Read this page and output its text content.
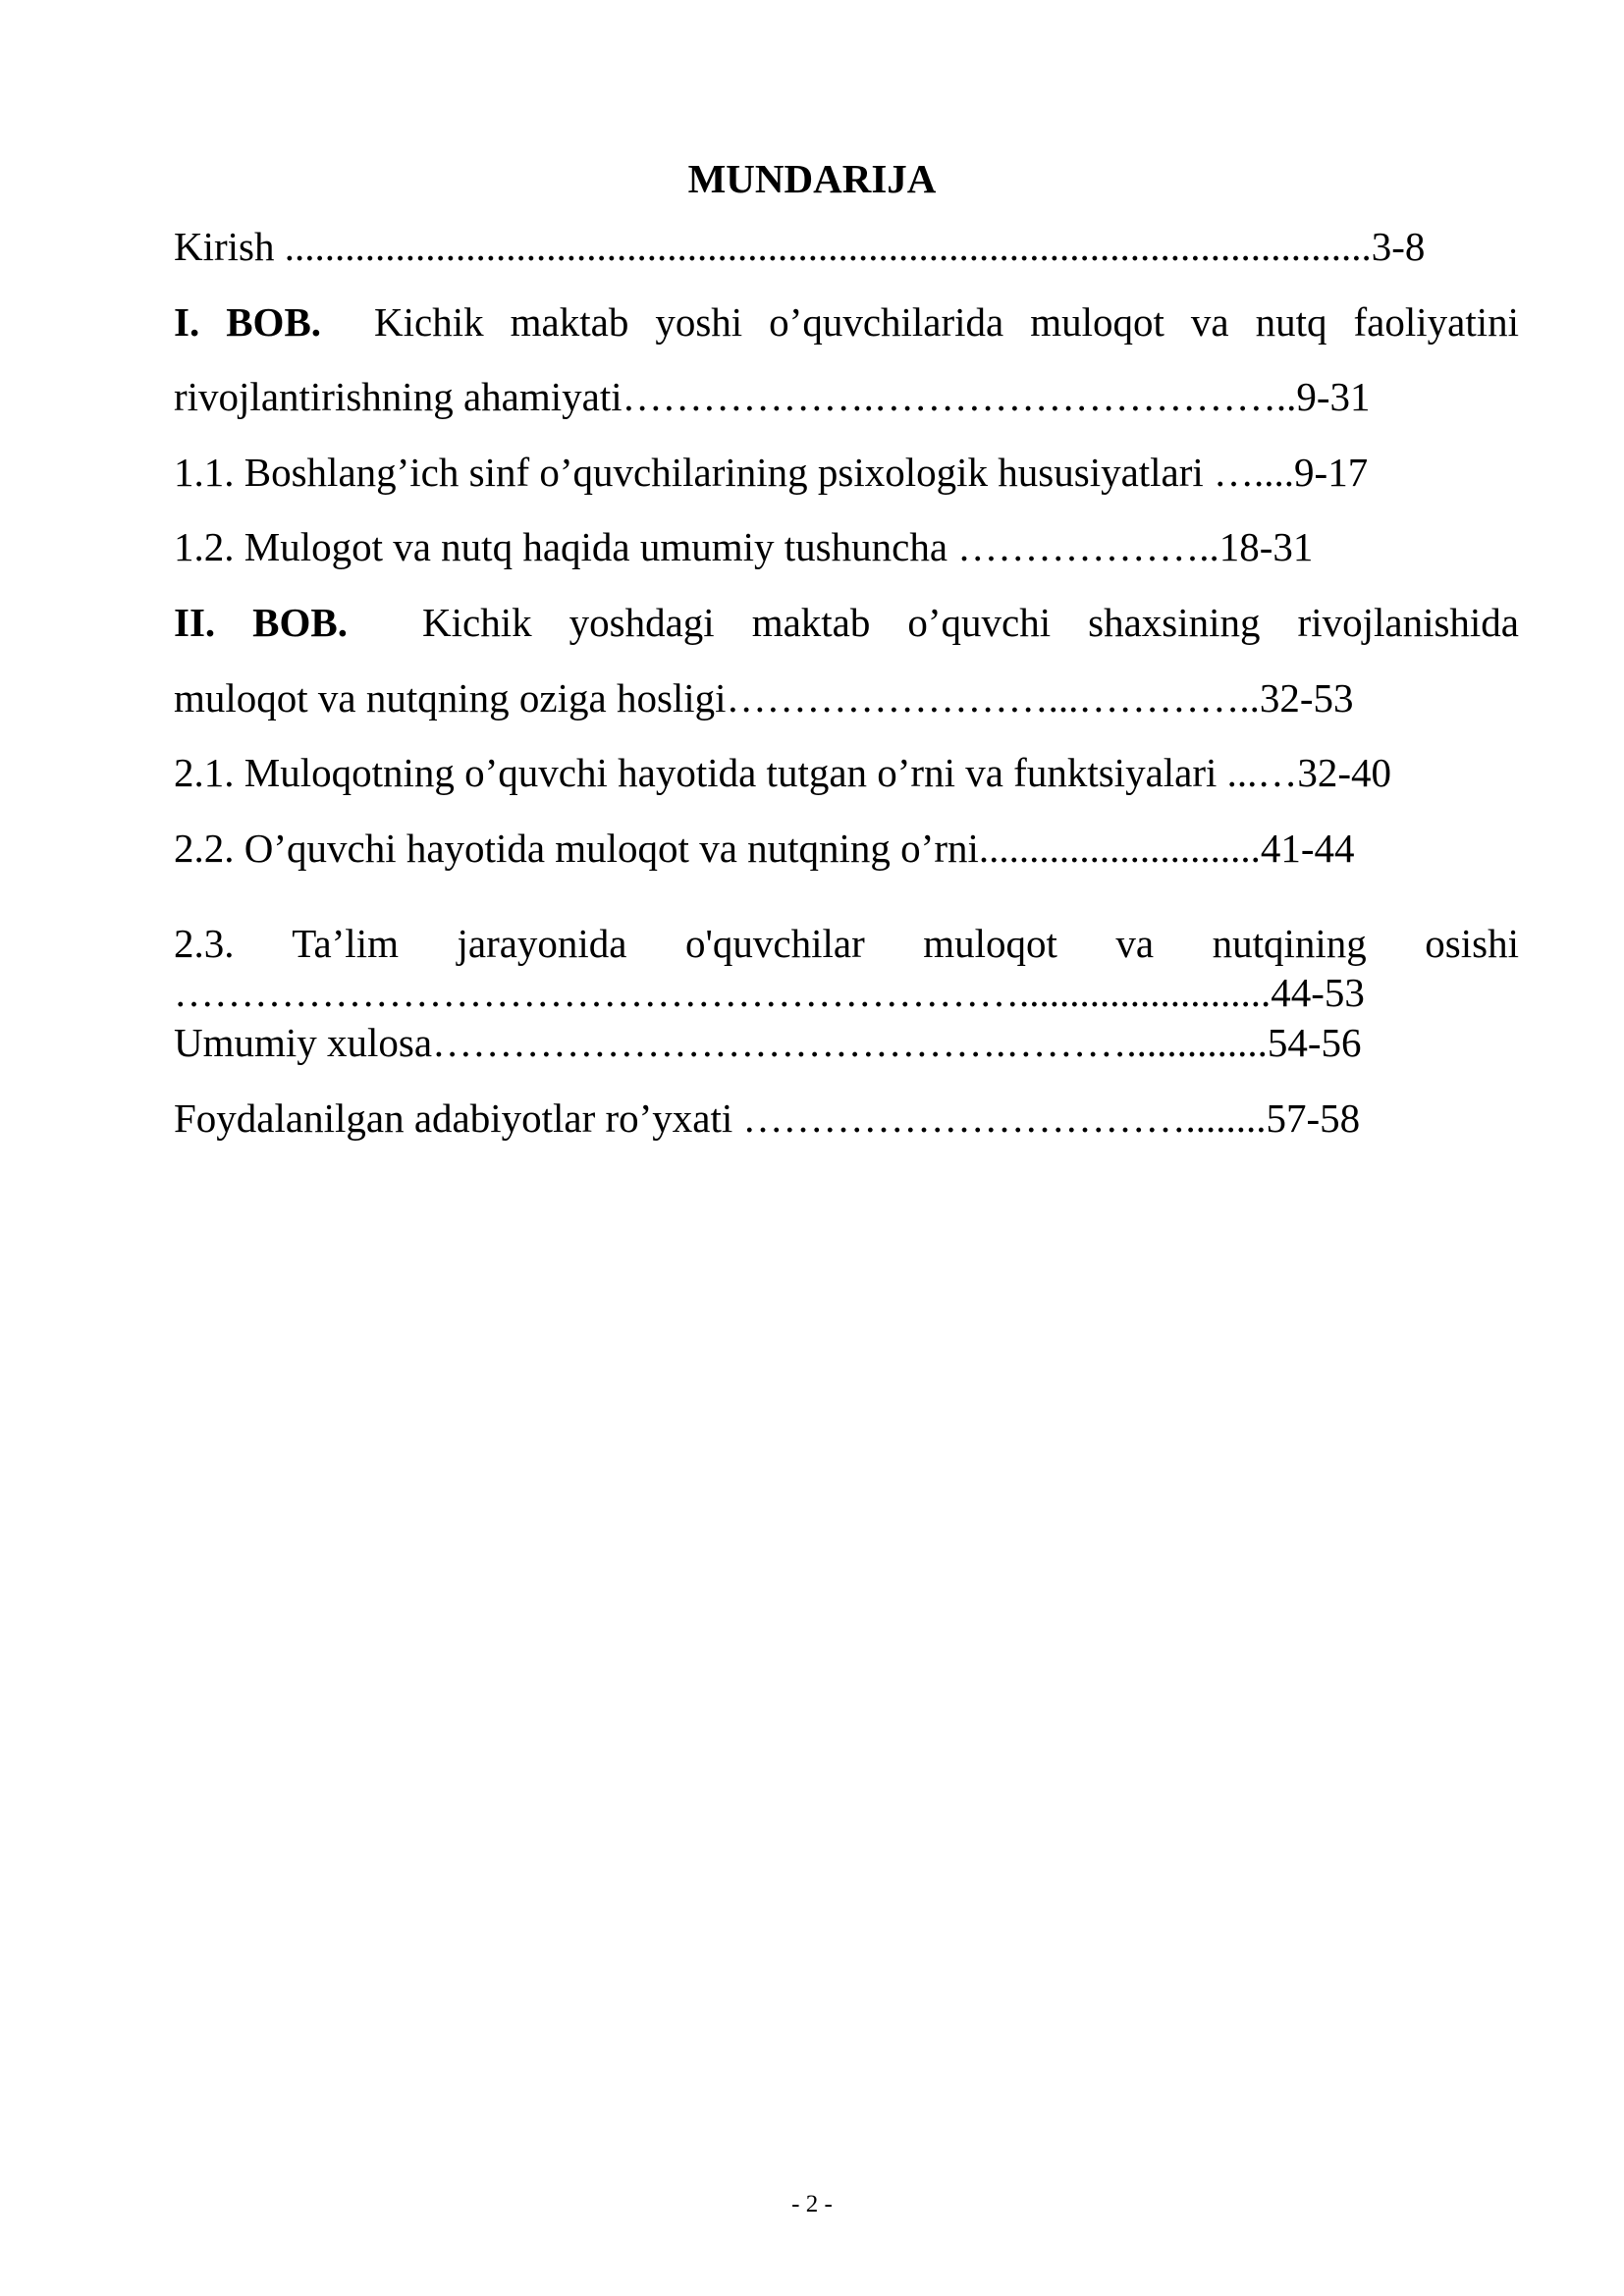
MUNDARIJA
Kirish ............................................................................................................3-8
I. BOB. Kichik maktab yoshi o’quvchilarida muloqot va nutq faoliyatini
rivojlantirishning ahamiyati……………….…………………………..9-31
1.1. Boshlang’ich sinf o’quvchilarining psixologik hususiyatlari …....9-17
1.2. Mulogot va nutq haqida umumiy tushuncha ………………..18-31
II. BOB. Kichik yoshdagi maktab o’quvchi shaxsining rivojlanishida
muloqot va nutqning oziga hosligi……………………...…………..32-53
2.1. Muloqotning o’quvchi hayotida tutgan o’rni va funktsiyalari ...…32-40
2.2. O’quvchi hayotida muloqot va nutqning o’rni............................41-44
2.3. Ta’lim jarayonida o'quvchilar muloqot va nutqining osishi
……………………………………………………….........................44-53
Umumiy xulosa…………………………………….………..............54-56
Foydalanilgan adabiyotlar ro’yxati ……………………………........57-58
- 2 -
